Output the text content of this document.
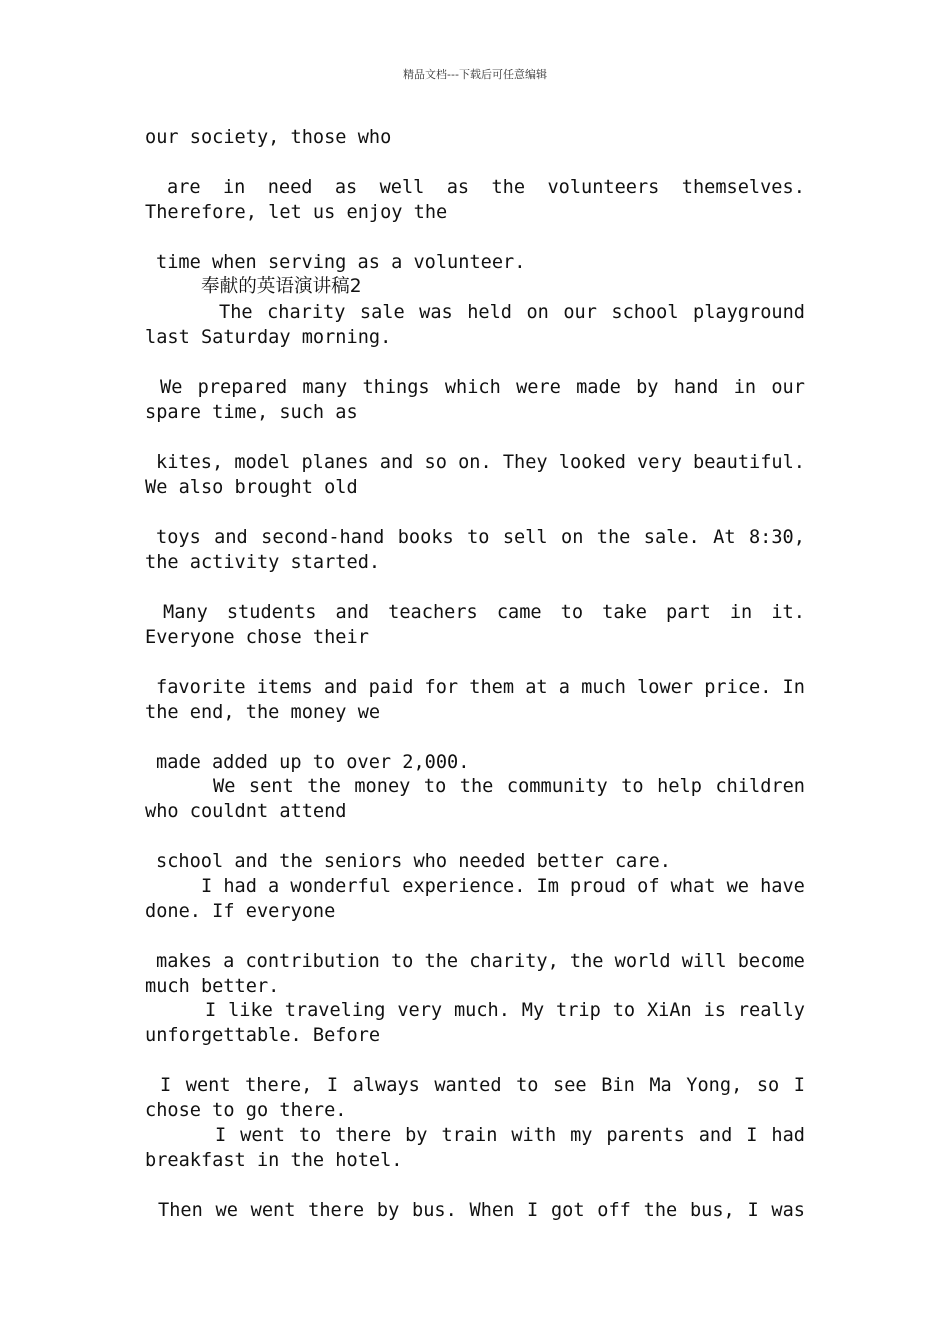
精品文档---下载后可任意编辑
our society, those who
are in need as well as the volunteers themselves.
Therefore, let us enjoy the
time when serving as a volunteer.
奉献的英语演讲稿2
The charity sale was held on our school playground
last Saturday morning.
We prepared many things which were made by hand in our
spare time, such as
kites, model planes and so on. They looked very beautiful.
We also brought old
toys and second-hand books to sell on the sale. At 8:30,
the activity started.
Many students and teachers came to take part in it.
Everyone chose their
favorite items and paid for them at a much lower price. In
the end, the money we
made added up to over 2,000.
We sent the money to the community to help children
who couldnt attend
school and the seniors who needed better care.
I had a wonderful experience. Im proud of what we have
done. If everyone
makes a contribution to the charity, the world will become
much better.
I like traveling very much. My trip to XiAn is really
unforgettable. Before
I went there, I always wanted to see Bin Ma Yong, so I
chose to go there.
I went to there by train with my parents and I had
breakfast in the hotel.
Then we went there by bus. When I got off the bus, I was
